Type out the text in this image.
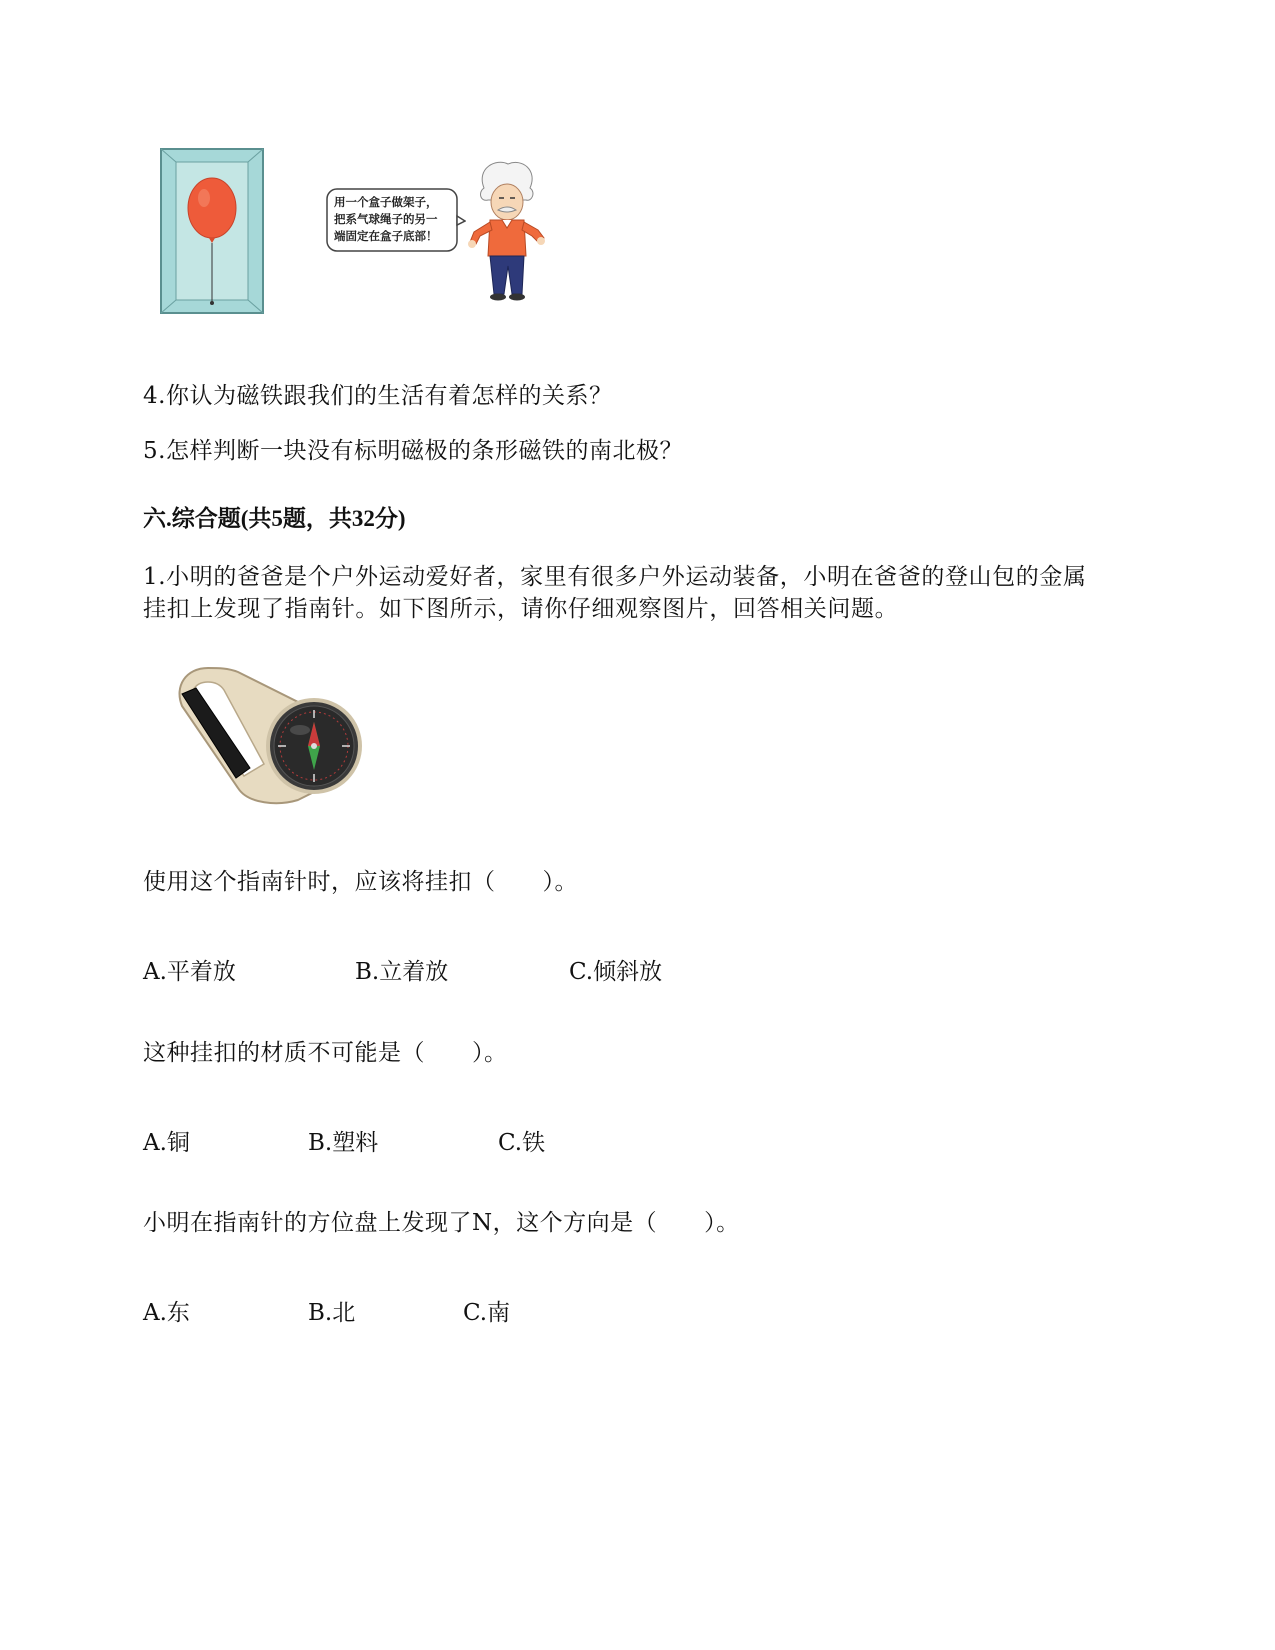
用一个盒子做架子，
把系气球绳子的另一
端固定在盒子底部！
4.你认为磁铁跟我们的生活有着怎样的关系？
5.怎样判断一块没有标明磁极的条形磁铁的南北极？
六.综合题(共5题，共32分)
1.小明的爸爸是个户外运动爱好者，家里有很多户外运动装备，小明在爸爸的登山包的金属挂扣上发现了指南针。如下图所示，请你仔细观察图片，回答相关问题。
使用这个指南针时，应该将挂扣（　　）。
A.平着放	B.立着放	C.倾斜放
这种挂扣的材质不可能是（　　）。
A.铜	B.塑料	C.铁
小明在指南针的方位盘上发现了N，这个方向是（　　）。
A.东	B.北	C.南
